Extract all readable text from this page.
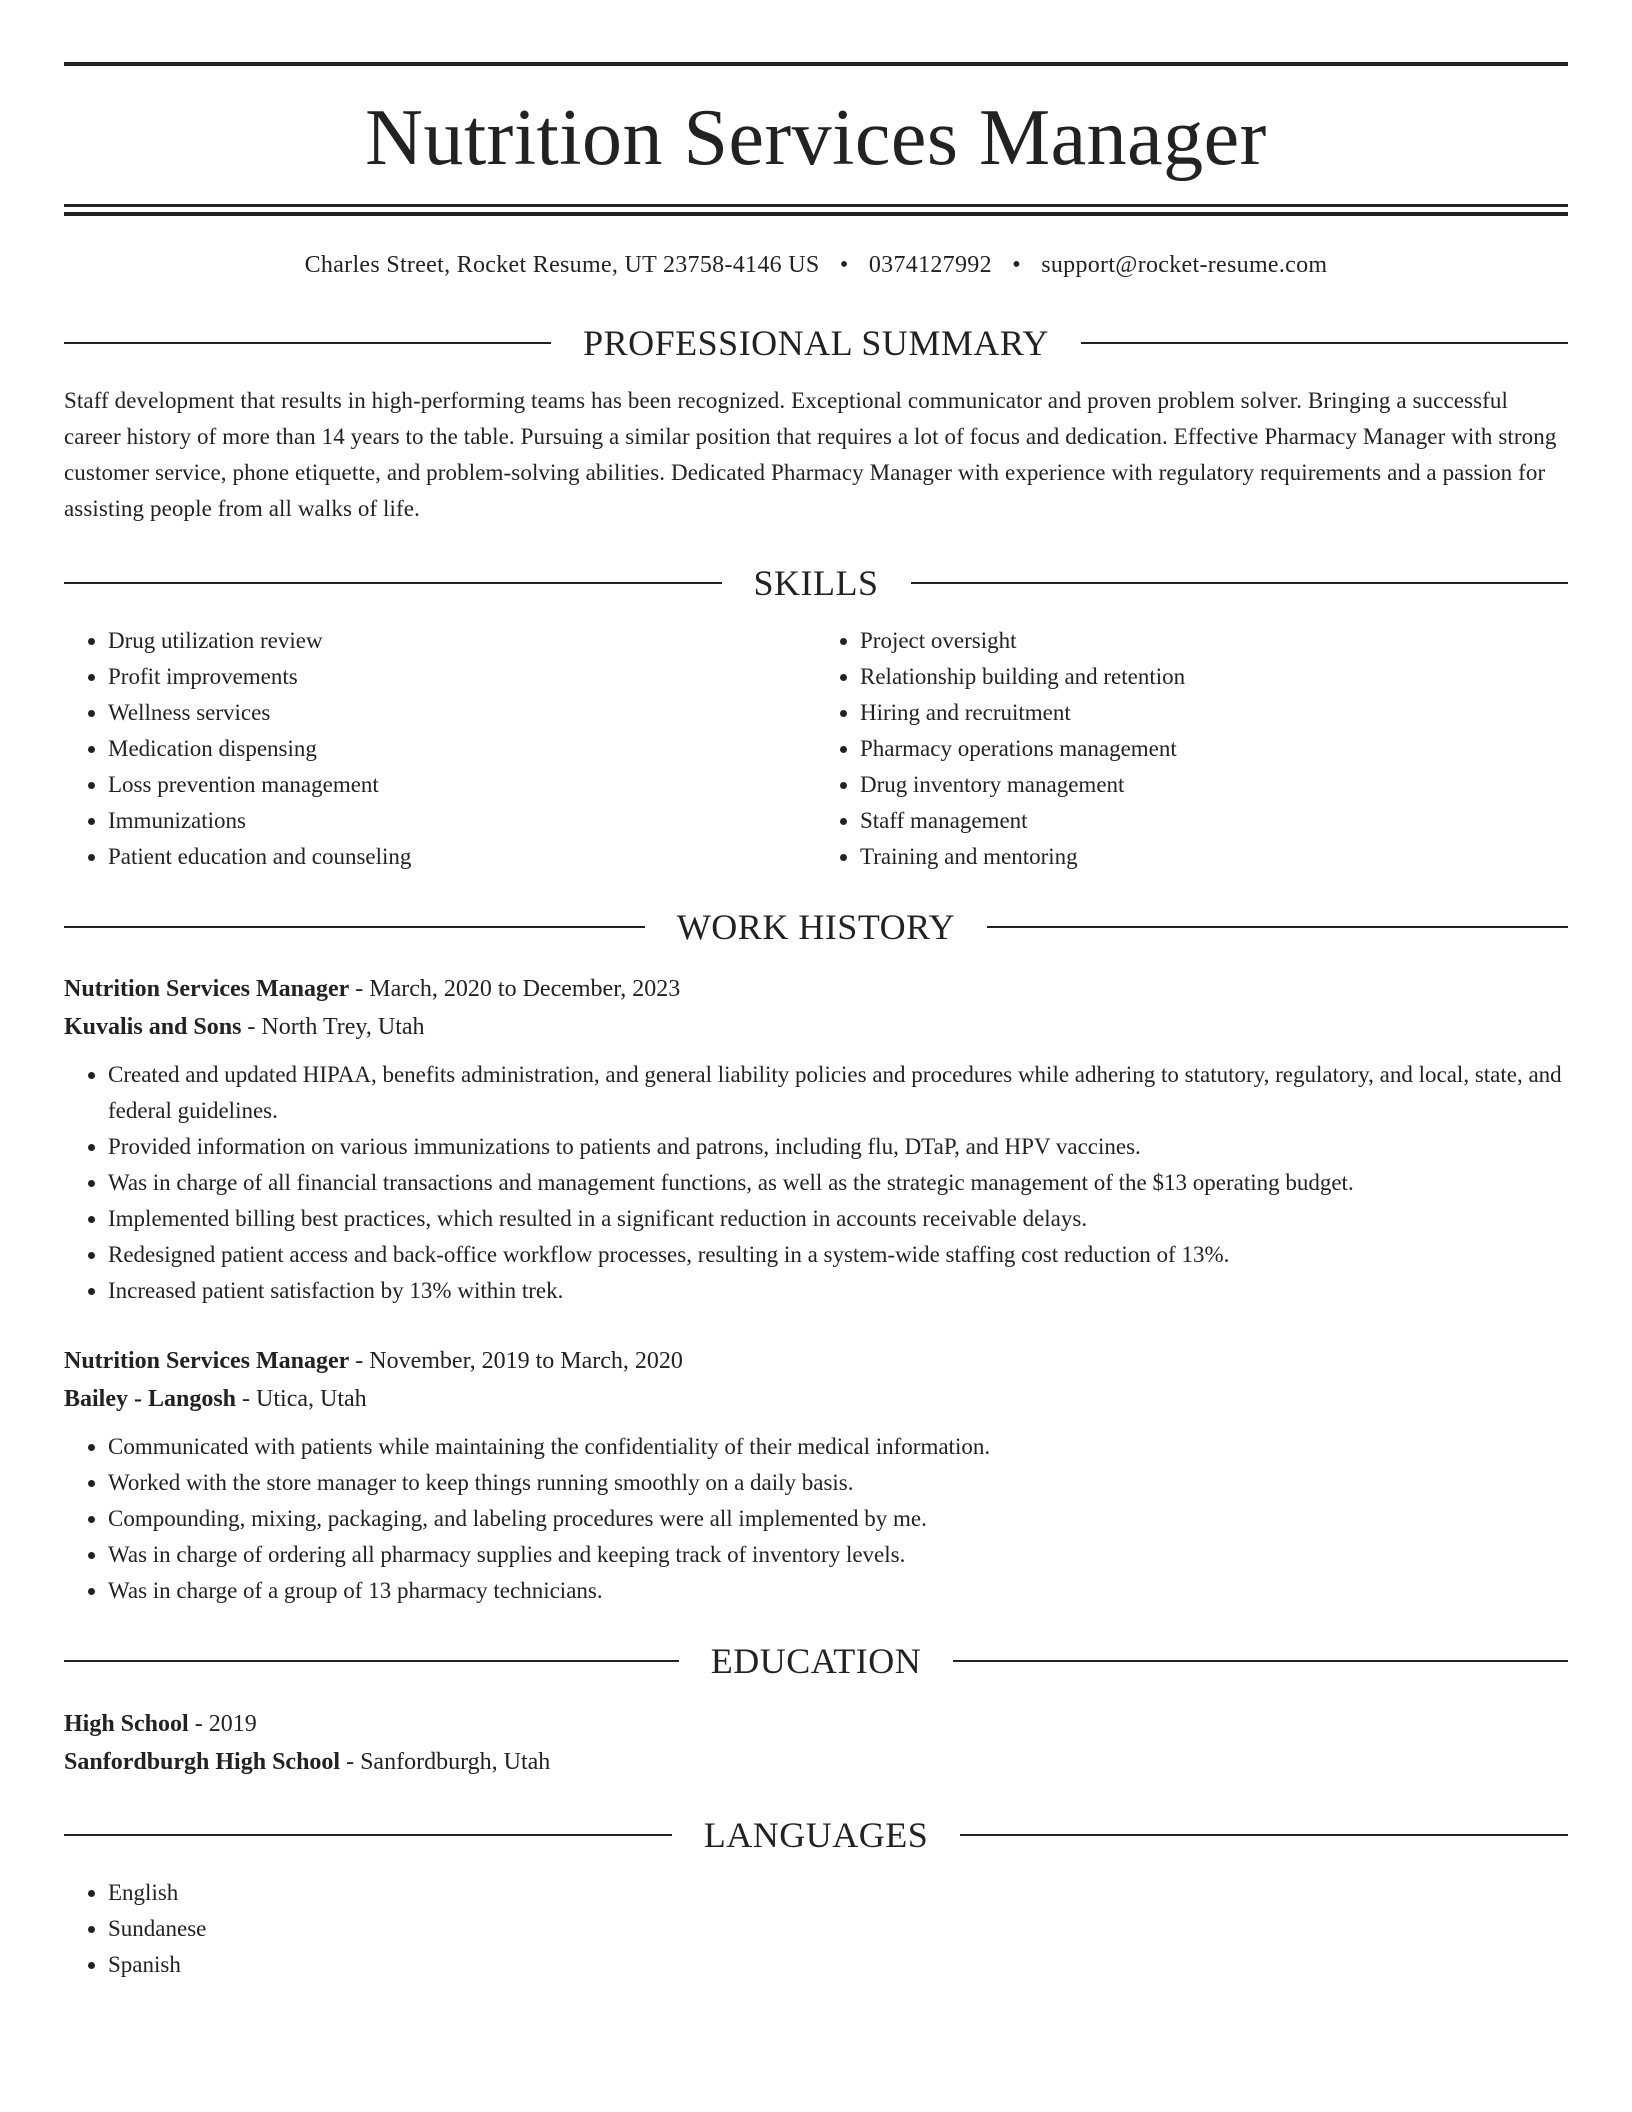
Nutrition Services Manager
Charles Street, Rocket Resume, UT 23758-4146 US • 0374127992 • support@rocket-resume.com
PROFESSIONAL SUMMARY
Staff development that results in high-performing teams has been recognized. Exceptional communicator and proven problem solver. Bringing a successful career history of more than 14 years to the table. Pursuing a similar position that requires a lot of focus and dedication. Effective Pharmacy Manager with strong customer service, phone etiquette, and problem-solving abilities. Dedicated Pharmacy Manager with experience with regulatory requirements and a passion for assisting people from all walks of life.
SKILLS
• Drug utilization review
• Profit improvements
• Wellness services
• Medication dispensing
• Loss prevention management
• Immunizations
• Patient education and counseling
• Project oversight
• Relationship building and retention
• Hiring and recruitment
• Pharmacy operations management
• Drug inventory management
• Staff management
• Training and mentoring
WORK HISTORY
Nutrition Services Manager - March, 2020 to December, 2023
Kuvalis and Sons - North Trey, Utah
• Created and updated HIPAA, benefits administration, and general liability policies and procedures while adhering to statutory, regulatory, and local, state, and federal guidelines.
• Provided information on various immunizations to patients and patrons, including flu, DTaP, and HPV vaccines.
• Was in charge of all financial transactions and management functions, as well as the strategic management of the $13 operating budget.
• Implemented billing best practices, which resulted in a significant reduction in accounts receivable delays.
• Redesigned patient access and back-office workflow processes, resulting in a system-wide staffing cost reduction of 13%.
• Increased patient satisfaction by 13% within trek.
Nutrition Services Manager - November, 2019 to March, 2020
Bailey - Langosh - Utica, Utah
• Communicated with patients while maintaining the confidentiality of their medical information.
• Worked with the store manager to keep things running smoothly on a daily basis.
• Compounding, mixing, packaging, and labeling procedures were all implemented by me.
• Was in charge of ordering all pharmacy supplies and keeping track of inventory levels.
• Was in charge of a group of 13 pharmacy technicians.
EDUCATION
High School - 2019
Sanfordburgh High School - Sanfordburgh, Utah
LANGUAGES
• English
• Sundanese
• Spanish
